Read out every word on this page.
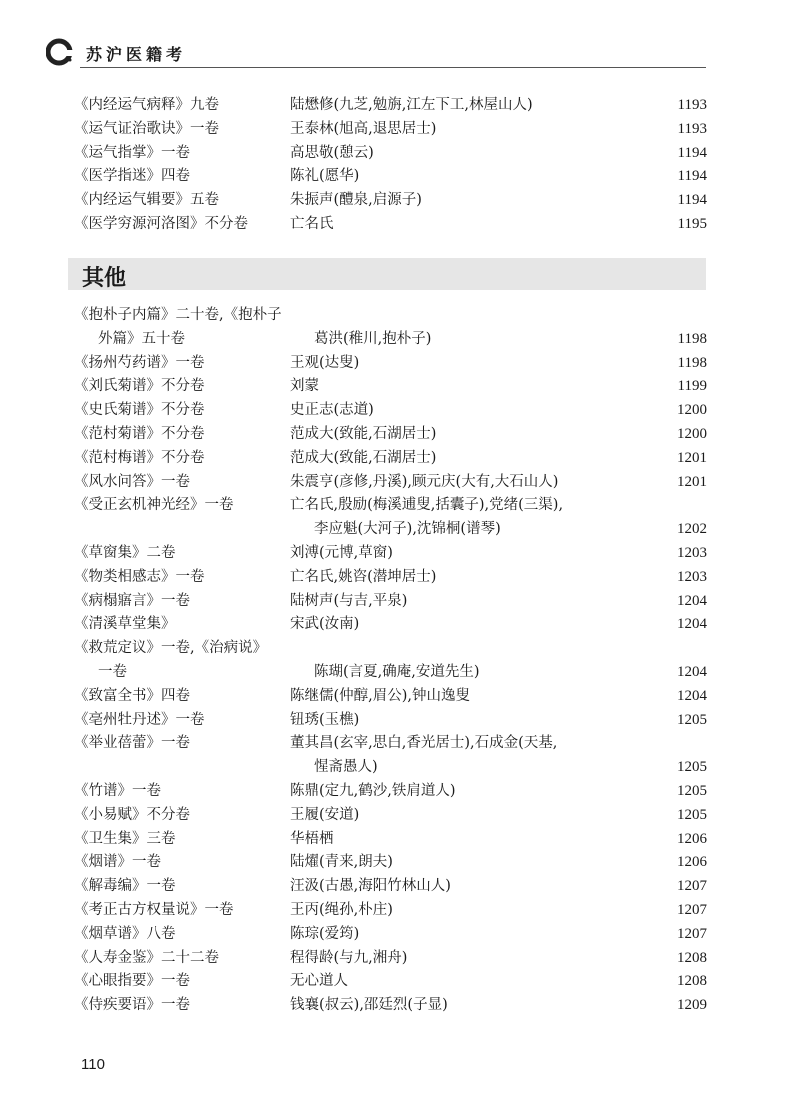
苏沪医籍考
《内经运气病释》九卷	陆懋修(九芝,勉旃,江左下工,林屋山人)	1193
《运气证治歌诀》一卷	王泰林(旭高,退思居士)	1193
《运气指掌》一卷	高思敬(憩云)	1194
《医学指迷》四卷	陈礼(愿华)	1194
《内经运气辑要》五卷	朱振声(醴泉,启源子)	1194
《医学穷源河洛图》不分卷	亡名氏	1195
其他
《抱朴子内篇》二十卷,《抱朴子
外篇》五十卷	葛洪(稚川,抱朴子)	1198
《扬州芍药谱》一卷	王观(达叟)	1198
《刘氏菊谱》不分卷	刘蒙	1199
《史氏菊谱》不分卷	史正志(志道)	1200
《范村菊谱》不分卷	范成大(致能,石湖居士)	1200
《范村梅谱》不分卷	范成大(致能,石湖居士)	1201
《风水问答》一卷	朱震亨(彦修,丹溪),顾元庆(大有,大石山人)	1201
《受正玄机神光经》一卷	亡名氏,殷励(梅溪逋叟,括囊子),党绪(三渠),
李应魁(大河子),沈锦桐(谱琴)	1202
《草窗集》二卷	刘溥(元博,草窗)	1203
《物类相感志》一卷	亡名氏,姚咨(潜坤居士)	1203
《病榻寤言》一卷	陆树声(与吉,平泉)	1204
《清溪草堂集》	宋武(汝南)	1204
《救荒定议》一卷,《治病说》
一卷	陈瑚(言夏,确庵,安道先生)	1204
《致富全书》四卷	陈继儒(仲醇,眉公),钟山逸叟	1204
《亳州牡丹述》一卷	钮琇(玉樵)	1205
《举业蓓蕾》一卷	董其昌(玄宰,思白,香光居士),石成金(天基,
惺斋愚人)	1205
《竹谱》一卷	陈鼎(定九,鹤沙,铁肩道人)	1205
《小易赋》不分卷	王履(安道)	1205
《卫生集》三卷	华梧栖	1206
《烟谱》一卷	陆燿(青来,朗夫)	1206
《解毒编》一卷	汪汲(古愚,海阳竹林山人)	1207
《考正古方权量说》一卷	王丙(绳孙,朴庄)	1207
《烟草谱》八卷	陈琮(爱筠)	1207
《人寿金鉴》二十二卷	程得龄(与九,湘舟)	1208
《心眼指要》一卷	无心道人	1208
《侍疾要语》一卷	钱襄(叔云),邵廷烈(子显)	1209
110
